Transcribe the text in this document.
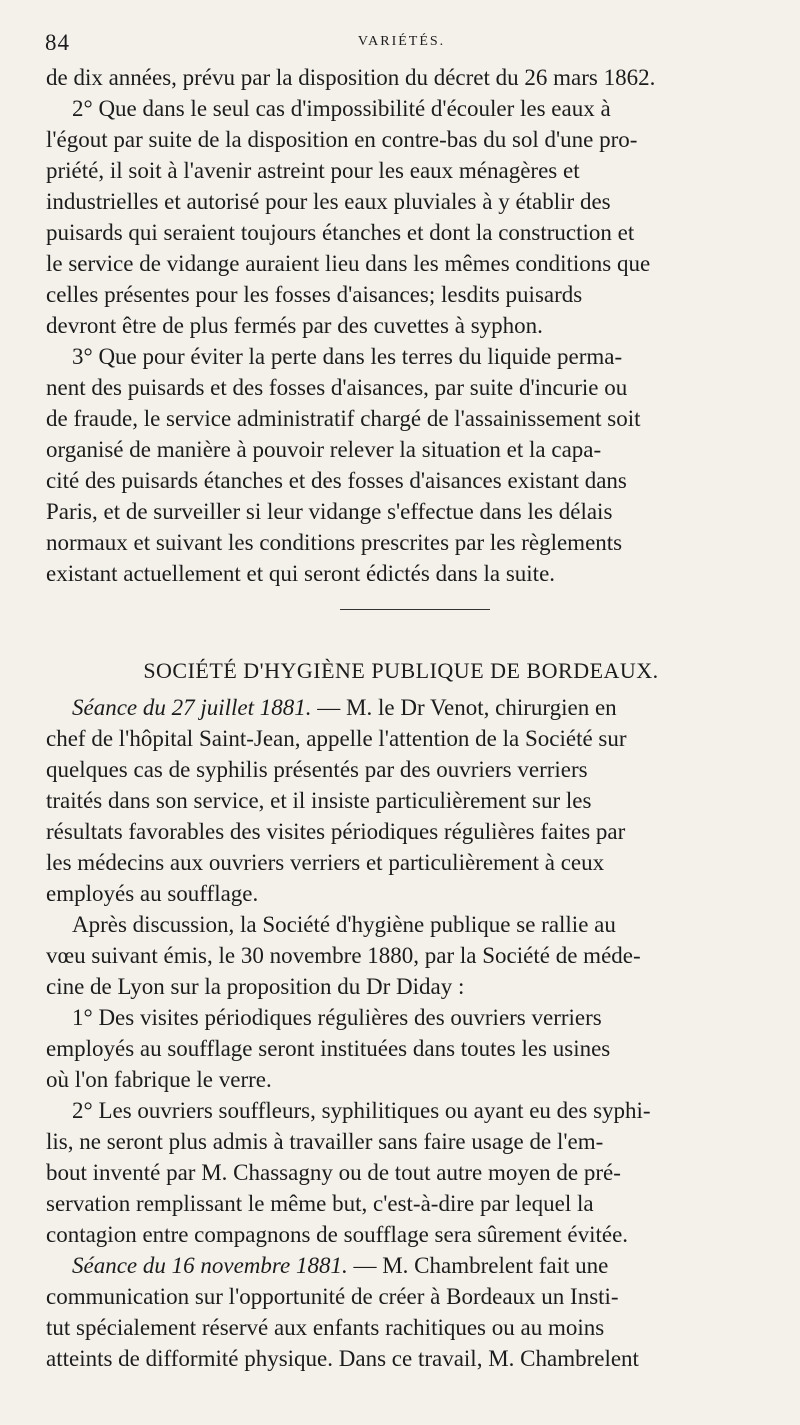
84	VARIÉTÉS.
de dix années, prévu par la disposition du décret du 26 mars 1862.
2° Que dans le seul cas d'impossibilité d'écouler les eaux à
l'égout par suite de la disposition en contre-bas du sol d'une pro-
priété, il soit à l'avenir astreint pour les eaux ménagères et
industrielles et autorisé pour les eaux pluviales à y établir des
puisards qui seraient toujours étanches et dont la construction et
le service de vidange auraient lieu dans les mêmes conditions que
celles présentes pour les fosses d'aisances; lesdits puisards
devront être de plus fermés par des cuvettes à syphon.
3° Que pour éviter la perte dans les terres du liquide perma-
nent des puisards et des fosses d'aisances, par suite d'incurie ou
de fraude, le service administratif chargé de l'assainissement soit
organisé de manière à pouvoir relever la situation et la capa-
cité des puisards étanches et des fosses d'aisances existant dans
Paris, et de surveiller si leur vidange s'effectue dans les délais
normaux et suivant les conditions prescrites par les règlements
existant actuellement et qui seront édictés dans la suite.
SOCIÉTÉ D'HYGIÈNE PUBLIQUE DE BORDEAUX.
Séance du 27 juillet 1881. — M. le Dr Venot, chirurgien en
chef de l'hôpital Saint-Jean, appelle l'attention de la Société sur
quelques cas de syphilis présentés par des ouvriers verriers
traités dans son service, et il insiste particulièrement sur les
résultats favorables des visites périodiques régulières faites par
les médecins aux ouvriers verriers et particulièrement à ceux
employés au soufflage.
Après discussion, la Société d'hygiène publique se rallie au
vœu suivant émis, le 30 novembre 1880, par la Société de méde-
cine de Lyon sur la proposition du Dr Diday :
1° Des visites périodiques régulières des ouvriers verriers
employés au soufflage seront instituées dans toutes les usines
où l'on fabrique le verre.
2° Les ouvriers souffleurs, syphilitiques ou ayant eu des syphi-
lis, ne seront plus admis à travailler sans faire usage de l'em-
bout inventé par M. Chassagny ou de tout autre moyen de pré-
servation remplissant le même but, c'est-à-dire par lequel la
contagion entre compagnons de soufflage sera sûrement évitée.
Séance du 16 novembre 1881. — M. Chambrelent fait une
communication sur l'opportunité de créer à Bordeaux un Insti-
tut spécialement réservé aux enfants rachitiques ou au moins
atteints de difformité physique. Dans ce travail, M. Chambrelent
